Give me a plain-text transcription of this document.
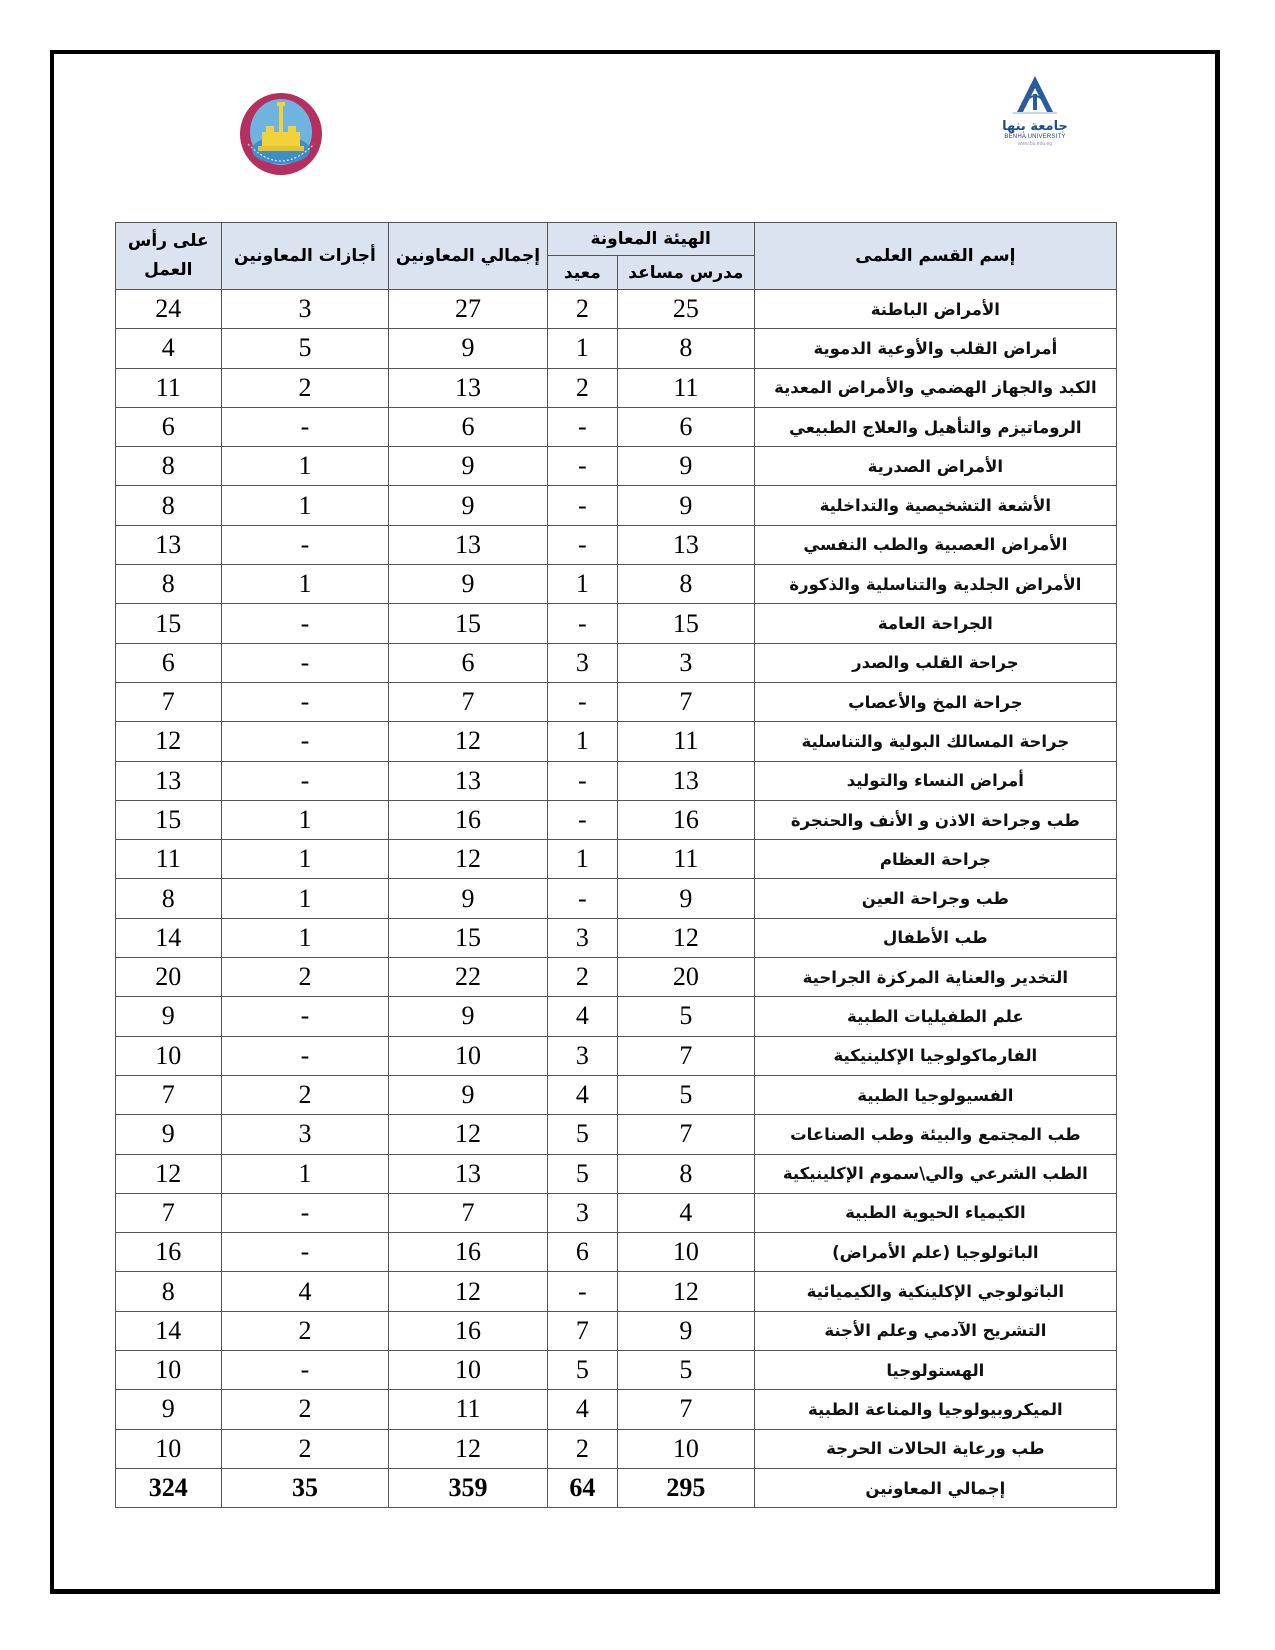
جامعة بنها
BENHA UNIVERSITY
www.bu.edu.eg
إسم القسم العلمى	الهيئة المعاونة		إجمالي المعاونين	أجازات المعاونين	على رأس العمل
	مدرس مساعد	معيد			
الأمراض الباطنة	25	2	27	3	24
أمراض القلب والأوعية الدموية	8	1	9	5	4
الكبد والجهاز الهضمي والأمراض المعدية	11	2	13	2	11
الروماتيزم والتأهيل والعلاج الطبيعي	6	-	6	-	6
الأمراض الصدرية	9	-	9	1	8
الأشعة التشخيصية والتداخلية	9	-	9	1	8
الأمراض العصبية والطب النفسي	13	-	13	-	13
الأمراض الجلدية والتناسلية والذكورة	8	1	9	1	8
الجراحة العامة	15	-	15	-	15
جراحة القلب والصدر	3	3	6	-	6
جراحة المخ والأعصاب	7	-	7	-	7
جراحة المسالك البولية والتناسلية	11	1	12	-	12
أمراض النساء والتوليد	13	-	13	-	13
طب وجراحة الاذن و الأنف والحنجرة	16	-	16	1	15
جراحة العظام	11	1	12	1	11
طب وجراحة العين	9	-	9	1	8
طب الأطفال	12	3	15	1	14
التخدير والعناية المركزة الجراحية	20	2	22	2	20
علم الطفيليات الطبية	5	4	9	-	9
الفارماكولوجيا الإكلينيكية	7	3	10	-	10
الفسيولوجيا الطبية	5	4	9	2	7
طب المجتمع والبيئة وطب الصناعات	7	5	12	3	9
الطب الشرعي والي\سموم الإكلينيكية	8	5	13	1	12
الكيمياء الحيوية الطبية	4	3	7	-	7
الباثولوجيا (علم الأمراض)	10	6	16	-	16
الباثولوجي الإكلينكية والكيميائية	12	-	12	4	8
التشريح الآدمي وعلم الأجنة	9	7	16	2	14
الهستولوجيا	5	5	10	-	10
الميكروبيولوجيا والمناعة الطبية	7	4	11	2	9
طب ورعاية الحالات الحرجة	10	2	12	2	10
إجمالي المعاونين	295	64	359	35	324
